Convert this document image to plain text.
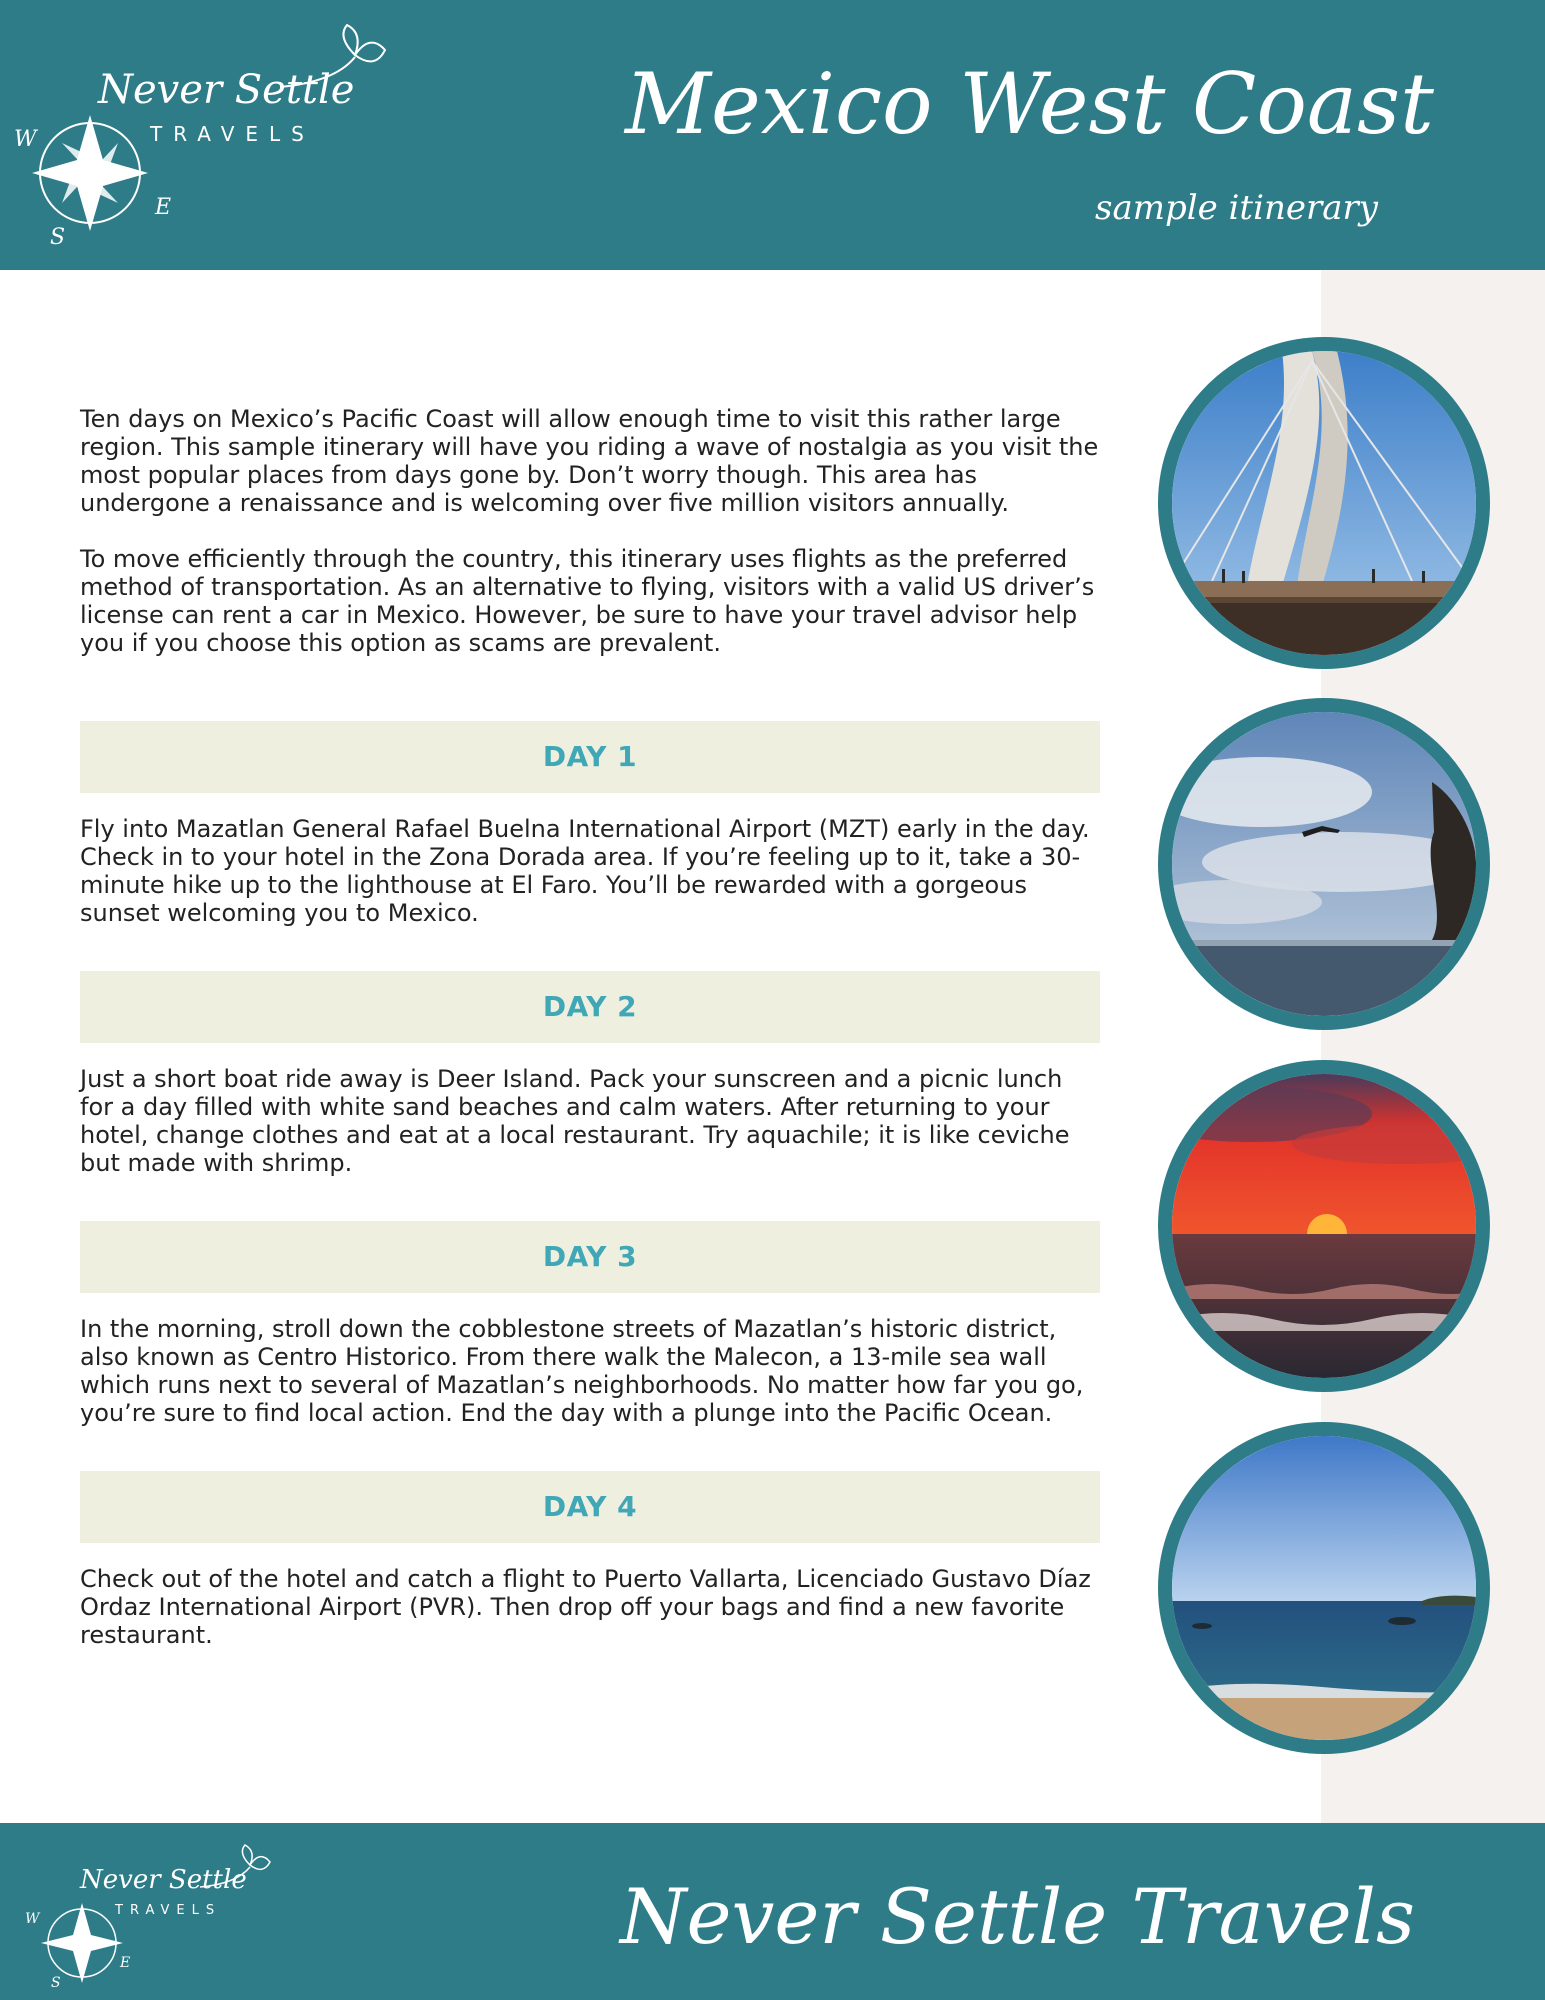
Never Settle
TRAVELS
W
E
S
Mexico West Coast
sample itinerary

Ten days on Mexico’s Pacific Coast will allow enough time to visit this rather large region. This sample itinerary will have you riding a wave of nostalgia as you visit the most popular places from days gone by. Don’t worry though. This area has undergone a renaissance and is welcoming over five million visitors annually.

To move efficiently through the country, this itinerary uses flights as the preferred method of transportation. As an alternative to flying, visitors with a valid US driver’s license can rent a car in Mexico. However, be sure to have your travel advisor help you if you choose this option as scams are prevalent.

DAY 1

Fly into Mazatlan General Rafael Buelna International Airport (MZT) early in the day. Check in to your hotel in the Zona Dorada area. If you’re feeling up to it, take a 30-minute hike up to the lighthouse at El Faro. You’ll be rewarded with a gorgeous sunset welcoming you to Mexico.

DAY 2

Just a short boat ride away is Deer Island. Pack your sunscreen and a picnic lunch for a day filled with white sand beaches and calm waters. After returning to your hotel, change clothes and eat at a local restaurant. Try aquachile; it is like ceviche but made with shrimp.

DAY 3

In the morning, stroll down the cobblestone streets of Mazatlan’s historic district, also known as Centro Historico. From there walk the Malecon, a 13-mile sea wall which runs next to several of Mazatlan’s neighborhoods. No matter how far you go, you’re sure to find local action. End the day with a plunge into the Pacific Ocean.

DAY 4

Check out of the hotel and catch a flight to Puerto Vallarta, Licenciado Gustavo Díaz Ordaz International Airport (PVR). Then drop off your bags and find a new favorite restaurant.

Never Settle
TRAVELS
W
E
S
Never Settle Travels
